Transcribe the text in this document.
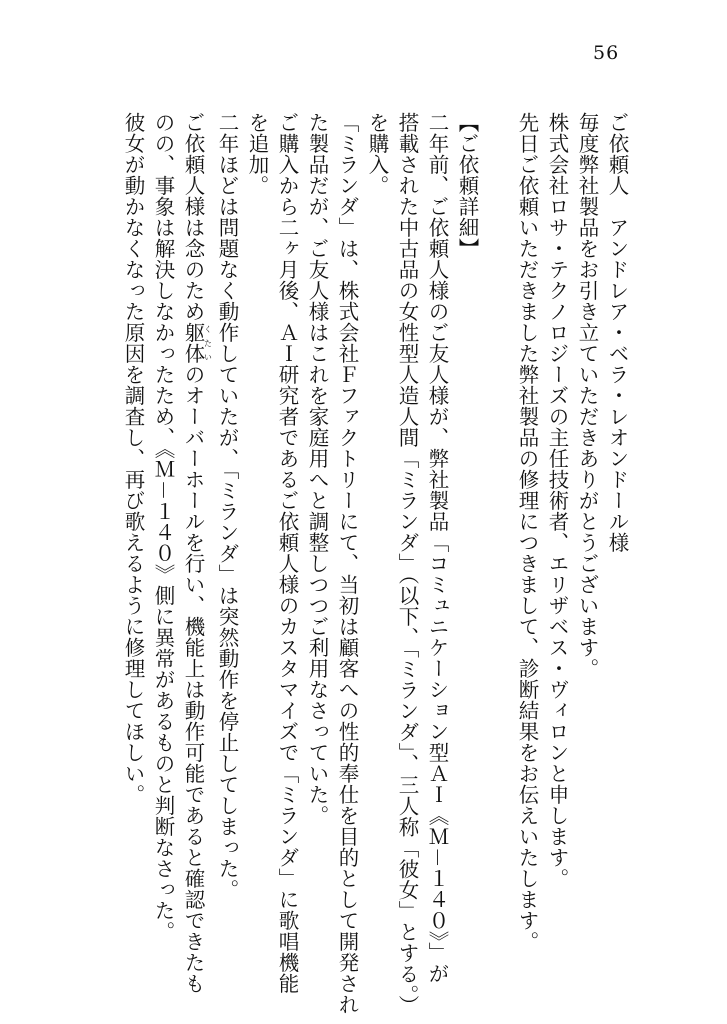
56
ご依頼人　アンドレア・ベラ・レオンドール様
毎度弊社製品をお引き立ていただきありがとうございます。
株式会社ロサ・テクノロジーズの主任技術者、エリザベス・ヴィロンと申します。
先日ご依頼いただきました弊社製品の修理につきまして、診断結果をお伝えいたします。
【ご依頼詳細】
二年前、ご依頼人様のご友人様が、弊社製品「コミュニケーション型ＡＩ《Ｍ－１４０》」が
搭載された中古品の女性型人造人間「ミランダ」（以下、「ミランダ」、三人称「彼女」とする。）
を購入。
「ミランダ」は、株式会社Ｆファクトリーにて、当初は顧客への性的奉仕を目的として開発され
た製品だが、ご友人様はこれを家庭用へと調整しつつご利用なさっていた。
ご購入から二ヶ月後、ＡＩ研究者であるご依頼人様のカスタマイズで「ミランダ」に歌唱機能
を追加。
二年ほどは問題なく動作していたが、「ミランダ」は突然動作を停止してしまった。
ご依頼人様は念のため躯体くたいのオーバーホールを行い、機能上は動作可能であると確認できたも
のの、事象は解決しなかったため、《Ｍ－１４０》側に異常があるものと判断なさった。
彼女が動かなくなった原因を調査し、再び歌えるように修理してほしい。
